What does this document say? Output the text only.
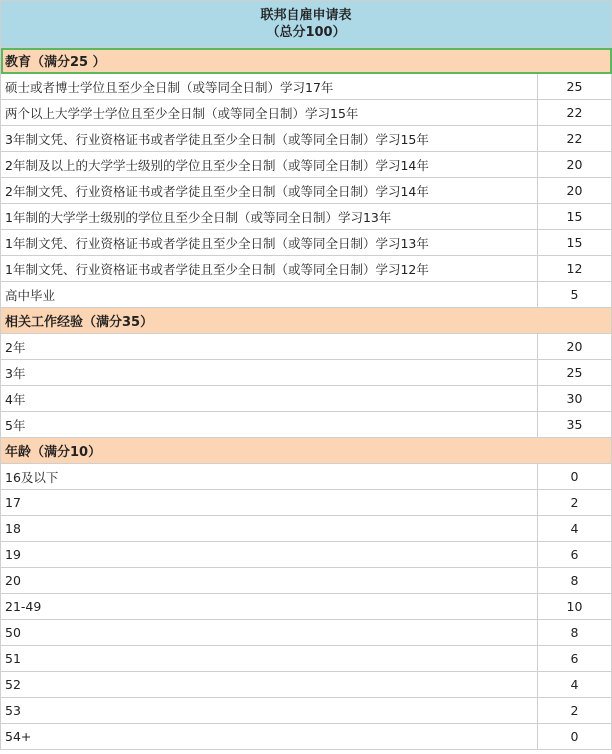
联邦自雇申请表
（总分100）	

教育（满分25 ）	
硕士或者博士学位且至少全日制（或等同全日制）学习17年	25
两个以上大学学士学位且至少全日制（或等同全日制）学习15年	22
3年制文凭、行业资格证书或者学徒且至少全日制（或等同全日制）学习15年	22
2年制及以上的大学学士级别的学位且至少全日制（或等同全日制）学习14年	20
2年制文凭、行业资格证书或者学徒且至少全日制（或等同全日制）学习14年	20
1年制的大学学士级别的学位且至少全日制（或等同全日制）学习13年	15
1年制文凭、行业资格证书或者学徒且至少全日制（或等同全日制）学习13年	15
1年制文凭、行业资格证书或者学徒且至少全日制（或等同全日制）学习12年	12
高中毕业	5
相关工作经验（满分35）	
2年	20
3年	25
4年	30
5年	35
年龄（满分10）	
16及以下	0
17	2
18	4
19	6
20	8
21-49	10
50	8
51	6
52	4
53	2
54+	0
